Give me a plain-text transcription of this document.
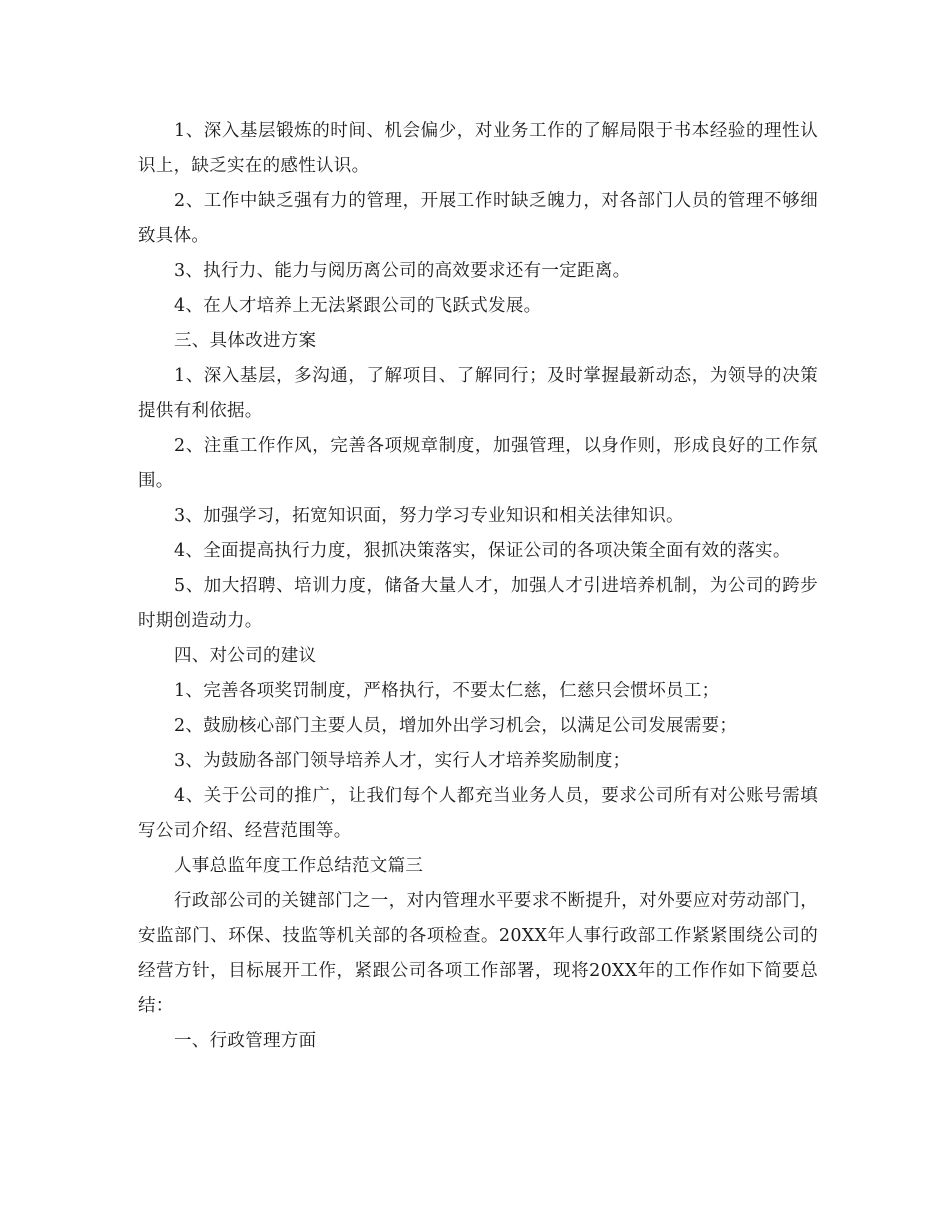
1、深入基层锻炼的时间、机会偏少，对业务工作的了解局限于书本经验的理性认识上，缺乏实在的感性认识。

2、工作中缺乏强有力的管理，开展工作时缺乏魄力，对各部门人员的管理不够细致具体。

3、执行力、能力与阅历离公司的高效要求还有一定距离。

4、在人才培养上无法紧跟公司的飞跃式发展。

三、具体改进方案

1、深入基层，多沟通，了解项目、了解同行；及时掌握最新动态，为领导的决策提供有利依据。

2、注重工作作风，完善各项规章制度，加强管理，以身作则，形成良好的工作氛围。

3、加强学习，拓宽知识面，努力学习专业知识和相关法律知识。

4、全面提高执行力度，狠抓决策落实，保证公司的各项决策全面有效的落实。

5、加大招聘、培训力度，储备大量人才，加强人才引进培养机制，为公司的跨步时期创造动力。

四、对公司的建议

1、完善各项奖罚制度，严格执行，不要太仁慈，仁慈只会惯坏员工；

2、鼓励核心部门主要人员，增加外出学习机会，以满足公司发展需要；

3、为鼓励各部门领导培养人才，实行人才培养奖励制度；

4、关于公司的推广，让我们每个人都充当业务人员，要求公司所有对公账号需填写公司介绍、经营范围等。

人事总监年度工作总结范文篇三

行政部公司的关键部门之一，对内管理水平要求不断提升，对外要应对劳动部门，安监部门、环保、技监等机关部的各项检查。20XX年人事行政部工作紧紧围绕公司的经营方针，目标展开工作，紧跟公司各项工作部署，现将20XX年的工作作如下简要总结：

一、行政管理方面
